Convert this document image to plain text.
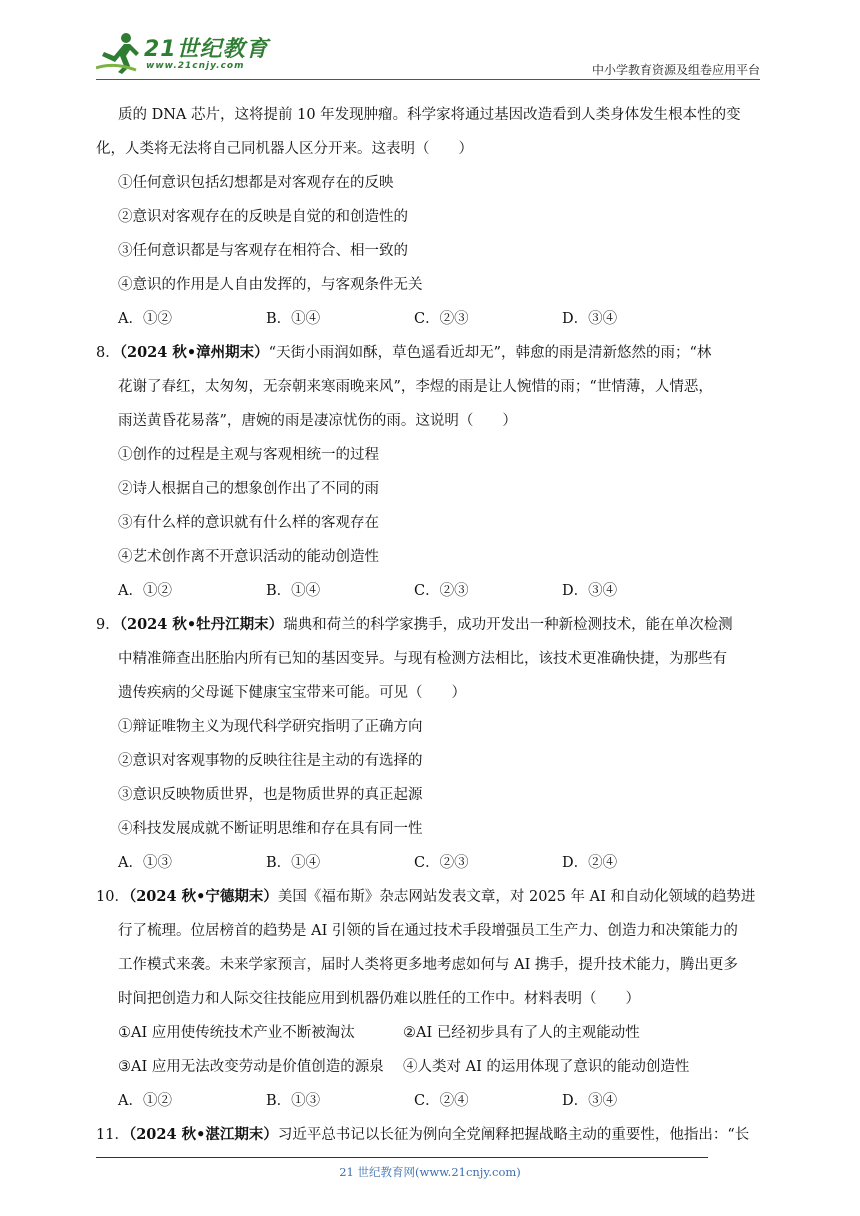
21世纪教育
www.21cnjy.com	中小学教育资源及组卷应用平台
质的 DNA 芯片，这将提前 10 年发现肿瘤。科学家将通过基因改造看到人类身体发生根本性的变
化，人类将无法将自己同机器人区分开来。这表明（　　）
①任何意识包括幻想都是对客观存在的反映
②意识对客观存在的反映是自觉的和创造性的
③任何意识都是与客观存在相符合、相一致的
④意识的作用是人自由发挥的，与客观条件无关
A．①②	B．①④	C．②③	D．③④
8．（2024 秋•漳州期末）“天街小雨润如酥，草色遥看近却无”，韩愈的雨是清新悠然的雨；“林
花谢了春红，太匆匆，无奈朝来寒雨晚来风”，李煜的雨是让人惋惜的雨；“世情薄，人情恶，
雨送黄昏花易落”，唐婉的雨是凄凉忧伤的雨。这说明（　　）
①创作的过程是主观与客观相统一的过程
②诗人根据自己的想象创作出了不同的雨
③有什么样的意识就有什么样的客观存在
④艺术创作离不开意识活动的能动创造性
A．①②	B．①④	C．②③	D．③④
9．（2024 秋•牡丹江期末）瑞典和荷兰的科学家携手，成功开发出一种新检测技术，能在单次检测
中精准筛查出胚胎内所有已知的基因变异。与现有检测方法相比，该技术更准确快捷，为那些有
遗传疾病的父母诞下健康宝宝带来可能。可见（　　）
①辩证唯物主义为现代科学研究指明了正确方向
②意识对客观事物的反映往往是主动的有选择的
③意识反映物质世界，也是物质世界的真正起源
④科技发展成就不断证明思维和存在具有同一性
A．①③	B．①④	C．②③	D．②④
10．（2024 秋•宁德期末）美国《福布斯》杂志网站发表文章，对 2025 年 AI 和自动化领域的趋势进
行了梳理。位居榜首的趋势是 AI 引领的旨在通过技术手段增强员工生产力、创造力和决策能力的
工作模式来袭。未来学家预言，届时人类将更多地考虑如何与 AI 携手，提升技术能力，腾出更多
时间把创造力和人际交往技能应用到机器仍难以胜任的工作中。材料表明（　　）
①AI 应用使传统技术产业不断被淘汰	②AI 已经初步具有了人的主观能动性
③AI 应用无法改变劳动是价值创造的源泉	④人类对 AI 的运用体现了意识的能动创造性
A．①②	B．①③	C．②④	D．③④
11．（2024 秋•湛江期末）习近平总书记以长征为例向全党阐释把握战略主动的重要性，他指出：“长
21 世纪教育网(www.21cnjy.com)
